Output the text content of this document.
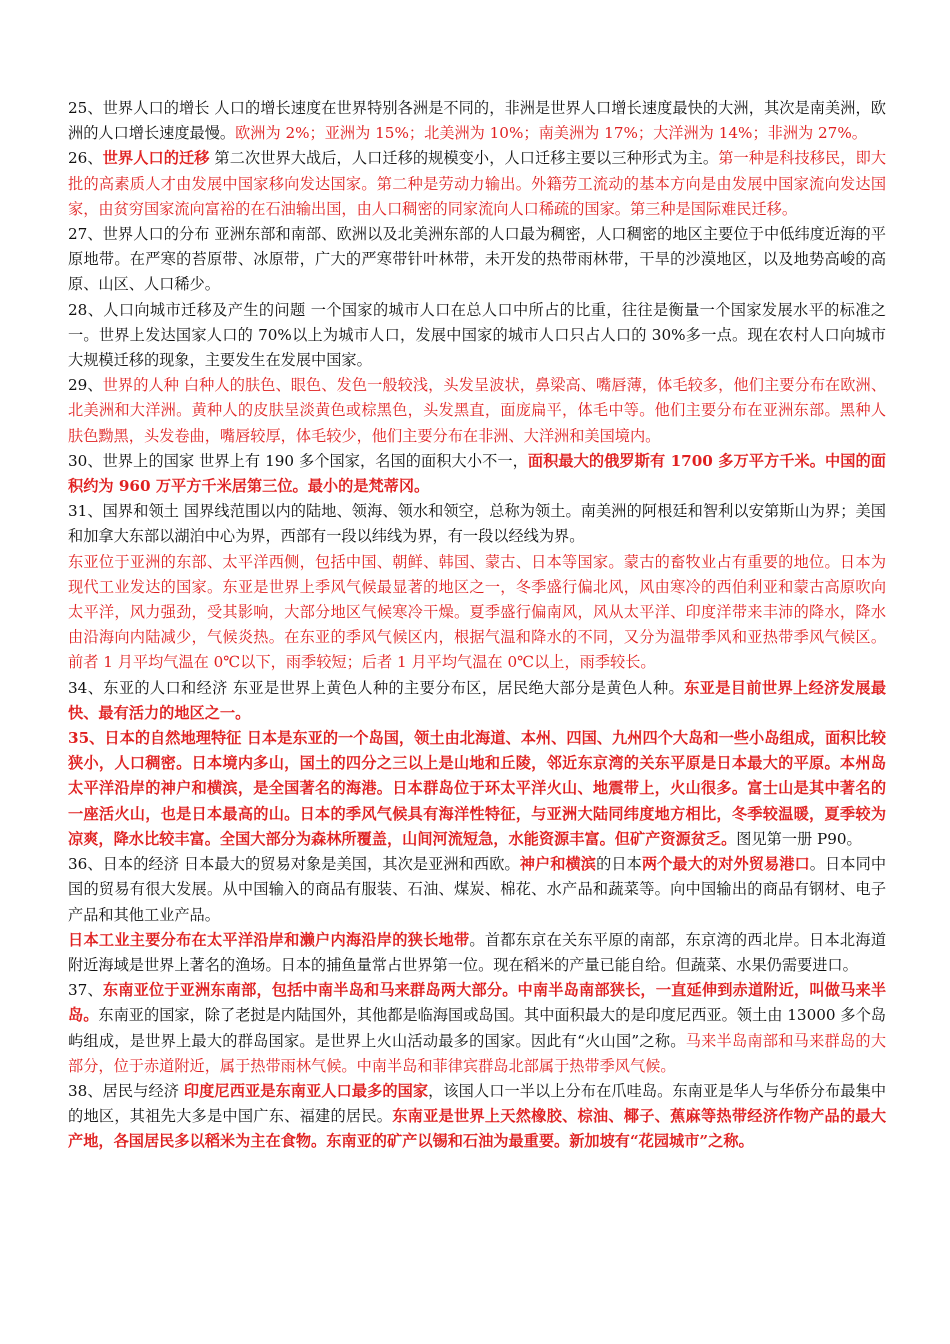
25、世界人口的增长 人口的增长速度在世界特别各洲是不同的，非洲是世界人口增长速度最快的大洲，其次是南美洲，欧洲的人口增长速度最慢。欧洲为 2%；亚洲为 15%；北美洲为 10%；南美洲为 17%；大洋洲为 14%；非洲为 27%。

26、世界人口的迁移 第二次世界大战后，人口迁移的规模变小，人口迁移主要以三种形式为主。第一种是科技移民，即大批的高素质人才由发展中国家移向发达国家。第二种是劳动力输出。外籍劳工流动的基本方向是由发展中国家流向发达国家，由贫穷国家流向富裕的在石油输出国，由人口稠密的同家流向人口稀疏的国家。第三种是国际难民迁移。

27、世界人口的分布 亚洲东部和南部、欧洲以及北美洲东部的人口最为稠密，人口稠密的地区主要位于中低纬度近海的平原地带。在严寒的苔原带、冰原带，广大的严寒带针叶林带，未开发的热带雨林带，干旱的沙漠地区，以及地势高峻的高原、山区、人口稀少。

28、人口向城市迁移及产生的问题 一个国家的城市人口在总人口中所占的比重，往往是衡量一个国家发展水平的标准之一。世界上发达国家人口的 70%以上为城市人口，发展中国家的城市人口只占人口的 30%多一点。现在农村人口向城市大规模迁移的现象，主要发生在发展中国家。

29、世界的人种 白种人的肤色、眼色、发色一般较浅，头发呈波状，鼻梁高、嘴唇薄，体毛较多，他们主要分布在欧洲、北美洲和大洋洲。黄种人的皮肤呈淡黄色或棕黑色，头发黑直，面庞扁平，体毛中等。他们主要分布在亚洲东部。黑种人肤色黝黑，头发卷曲，嘴唇较厚，体毛较少，他们主要分布在非洲、大洋洲和美国境内。

30、世界上的国家 世界上有 190 多个国家，名国的面积大小不一，面积最大的俄罗斯有 1700 多万平方千米。中国的面积约为 960 万平方千米居第三位。最小的是梵蒂冈。

31、国界和领土 国界线范围以内的陆地、领海、领水和领空，总称为领土。南美洲的阿根廷和智利以安第斯山为界；美国和加拿大东部以湖泊中心为界，西部有一段以纬线为界，有一段以经线为界。

东亚位于亚洲的东部、太平洋西侧，包括中国、朝鲜、韩国、蒙古、日本等国家。蒙古的畜牧业占有重要的地位。日本为现代工业发达的国家。东亚是世界上季风气候最显著的地区之一，冬季盛行偏北风，风由寒冷的西伯利亚和蒙古高原吹向太平洋，风力强劲，受其影响，大部分地区气候寒冷干燥。夏季盛行偏南风，风从太平洋、印度洋带来丰沛的降水，降水由沿海向内陆减少，气候炎热。在东亚的季风气候区内，根据气温和降水的不同，又分为温带季风和亚热带季风气候区。前者 1 月平均气温在 0℃以下，雨季较短；后者 1 月平均气温在 0℃以上，雨季较长。

34、东亚的人口和经济 东亚是世界上黄色人种的主要分布区，居民绝大部分是黄色人种。东亚是目前世界上经济发展最快、最有活力的地区之一。

35、日本的自然地理特征 日本是东亚的一个岛国，领土由北海道、本州、四国、九州四个大岛和一些小岛组成，面积比较狭小，人口稠密。日本境内多山，国土的四分之三以上是山地和丘陵，邻近东京湾的关东平原是日本最大的平原。本州岛太平洋沿岸的神户和横滨，是全国著名的海港。日本群岛位于环太平洋火山、地震带上，火山很多。富士山是其中著名的一座活火山，也是日本最高的山。日本的季风气候具有海洋性特征，与亚洲大陆同纬度地方相比，冬季较温暖，夏季较为凉爽，降水比较丰富。全国大部分为森林所覆盖，山间河流短急，水能资源丰富。但矿产资源贫乏。图见第一册 P90。

36、日本的经济 日本最大的贸易对象是美国，其次是亚洲和西欧。神户和横滨的日本两个最大的对外贸易港口。日本同中国的贸易有很大发展。从中国输入的商品有服装、石油、煤炭、棉花、水产品和蔬菜等。向中国输出的商品有钢材、电子产品和其他工业产品。

日本工业主要分布在太平洋沿岸和濑户内海沿岸的狭长地带。首都东京在关东平原的南部，东京湾的西北岸。日本北海道附近海域是世界上著名的渔场。日本的捕鱼量常占世界第一位。现在稻米的产量已能自给。但蔬菜、水果仍需要进口。

37、东南亚位于亚洲东南部，包括中南半岛和马来群岛两大部分。中南半岛南部狭长，一直延伸到赤道附近，叫做马来半岛。东南亚的国家，除了老挝是内陆国外，其他都是临海国或岛国。其中面积最大的是印度尼西亚。领土由 13000 多个岛屿组成，是世界上最大的群岛国家。是世界上火山活动最多的国家。因此有“火山国”之称。马来半岛南部和马来群岛的大部分，位于赤道附近，属于热带雨林气候。中南半岛和菲律宾群岛北部属于热带季风气候。

38、居民与经济 印度尼西亚是东南亚人口最多的国家，该国人口一半以上分布在爪哇岛。东南亚是华人与华侨分布最集中的地区，其祖先大多是中国广东、福建的居民。东南亚是世界上天然橡胶、棕油、椰子、蕉麻等热带经济作物产品的最大产地，各国居民多以稻米为主在食物。东南亚的矿产以锡和石油为最重要。新加坡有“花园城市”之称。
